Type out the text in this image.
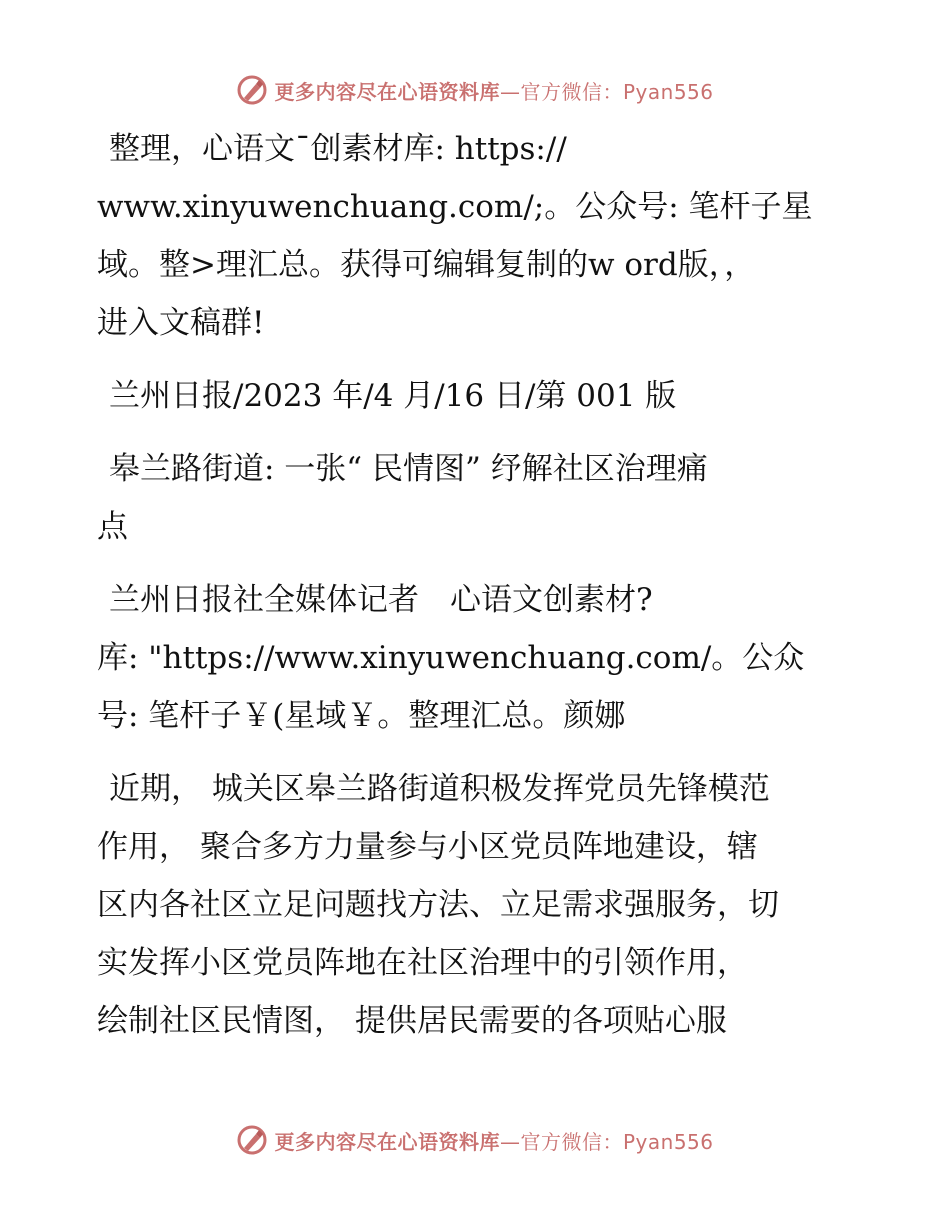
更多内容尽在心语资料库—官方微信：Pyan556
整理，心语文¯创素材库: https://
www.xinyuwenchuang.com/;。公众号: 笔杆子星
域。整>理汇总。获得可编辑复制的w ord版，，
进入文稿群!
兰州日报/2023 年/4 月/16 日/第 001 版
皋兰路街道: 一张“ 民情图” 纾解社区治理痛
点
兰州日报社全媒体记者　心语文创素材?
库: "https://www.xinyuwenchuang.com/。公众
号: 笔杆子￥(星域￥。整理汇总。颜娜
近期， 城关区皋兰路街道积极发挥党员先锋模范
作用， 聚合多方力量参与小区党员阵地建设，辖
区内各社区立足问题找方法、立足需求强服务，切
实发挥小区党员阵地在社区治理中的引领作用，
绘制社区民情图， 提供居民需要的各项贴心服
更多内容尽在心语资料库—官方微信：Pyan556
